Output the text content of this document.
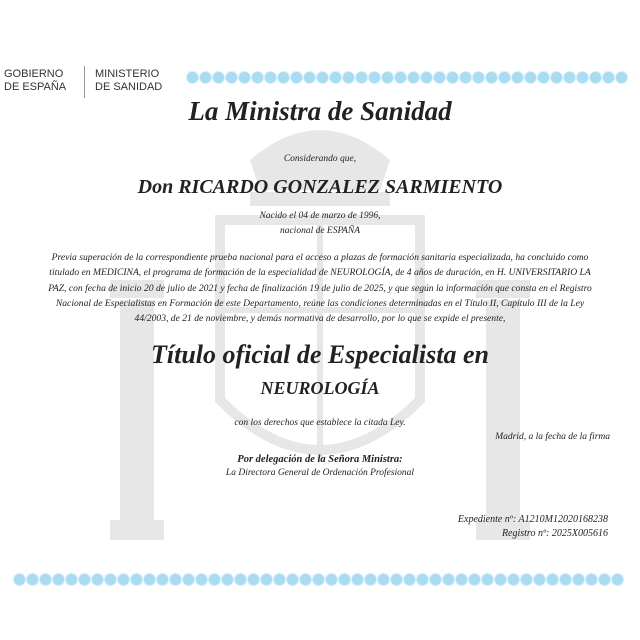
GOBIERNO
DE ESPAÑA
MINISTERIO
DE SANIDAD
La Ministra de Sanidad
Considerando que,
Don RICARDO GONZALEZ SARMIENTO
Nacido el 04 de marzo de 1996,
nacional de ESPAÑA
Previa superación de la correspondiente prueba nacional para el acceso a plazas de formación sanitaria especializada, ha concluido como titulado en MEDICINA, el programa de formación de la especialidad de NEUROLOGÍA, de 4 años de duración, en H. UNIVERSITARIO LA PAZ, con fecha de inicio 20 de julio de 2021 y fecha de finalización 19 de julio de 2025, y que según la información que consta en el Registro Nacional de Especialistas en Formación de este Departamento, reúne las condiciones determinadas en el Título II, Capítulo III de la Ley 44/2003, de 21 de noviembre, y demás normativa de desarrollo, por lo que se expide el presente,
Título oficial de Especialista en
NEUROLOGÍA
con los derechos que establece la citada Ley.
Madrid, a la fecha de la firma
Por delegación de la Señora Ministra:
La Directora General de Ordenación Profesional
Expediente nº: A1210M12020168238
Registro nº: 2025X005616
